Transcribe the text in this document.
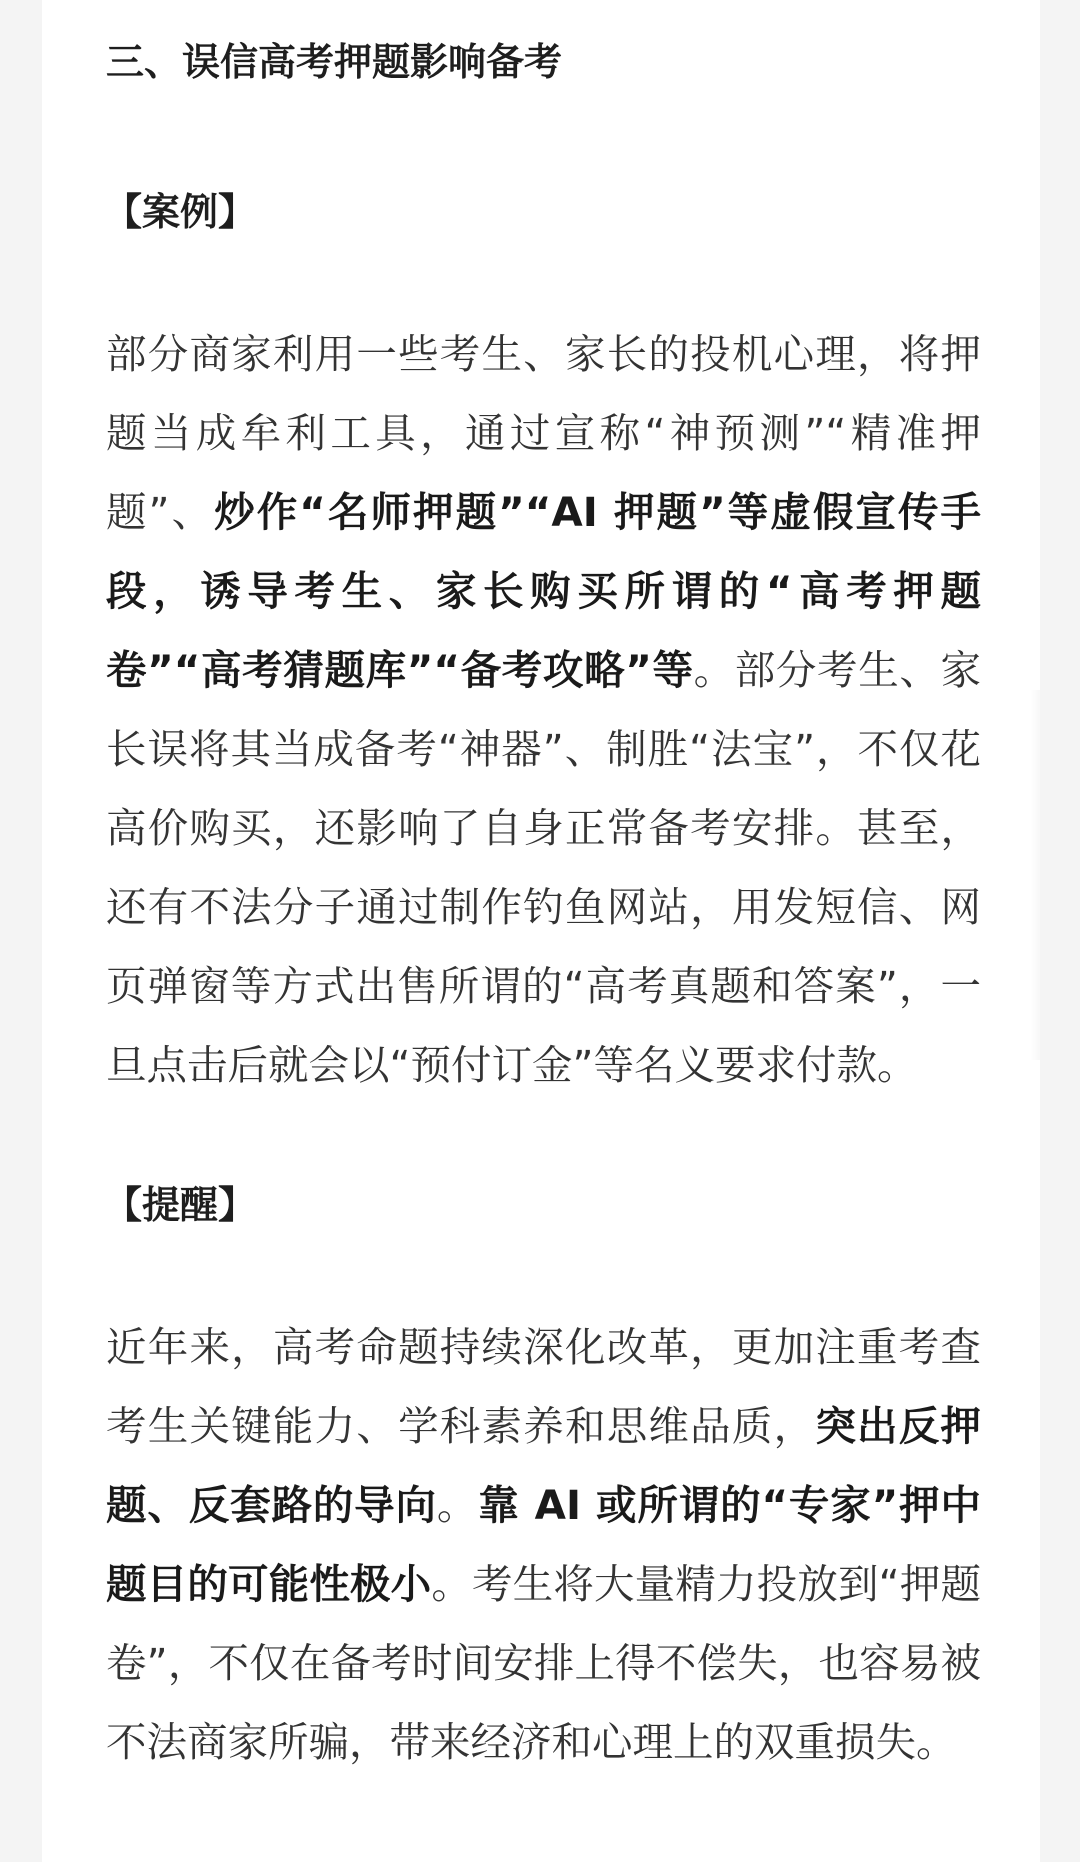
三、误信高考押题影响备考
【案例】
部分商家利用一些考生、家长的投机心理，将押题当成牟利工具，通过宣称“神预测”“精准押题”、炒作“名师押题”“AI 押题”等虚假宣传手段，诱导考生、家长购买所谓的“高考押题卷”“高考猜题库”“备考攻略”等。部分考生、家长误将其当成备考“神器”、制胜“法宝”，不仅花高价购买，还影响了自身正常备考安排。甚至，还有不法分子通过制作钓鱼网站，用发短信、网页弹窗等方式出售所谓的“高考真题和答案”，一旦点击后就会以“预付订金”等名义要求付款。
【提醒】
近年来，高考命题持续深化改革，更加注重考查考生关键能力、学科素养和思维品质，突出反押题、反套路的导向。靠 AI 或所谓的“专家”押中题目的可能性极小。考生将大量精力投放到“押题卷”，不仅在备考时间安排上得不偿失，也容易被不法商家所骗，带来经济和心理上的双重损失。
